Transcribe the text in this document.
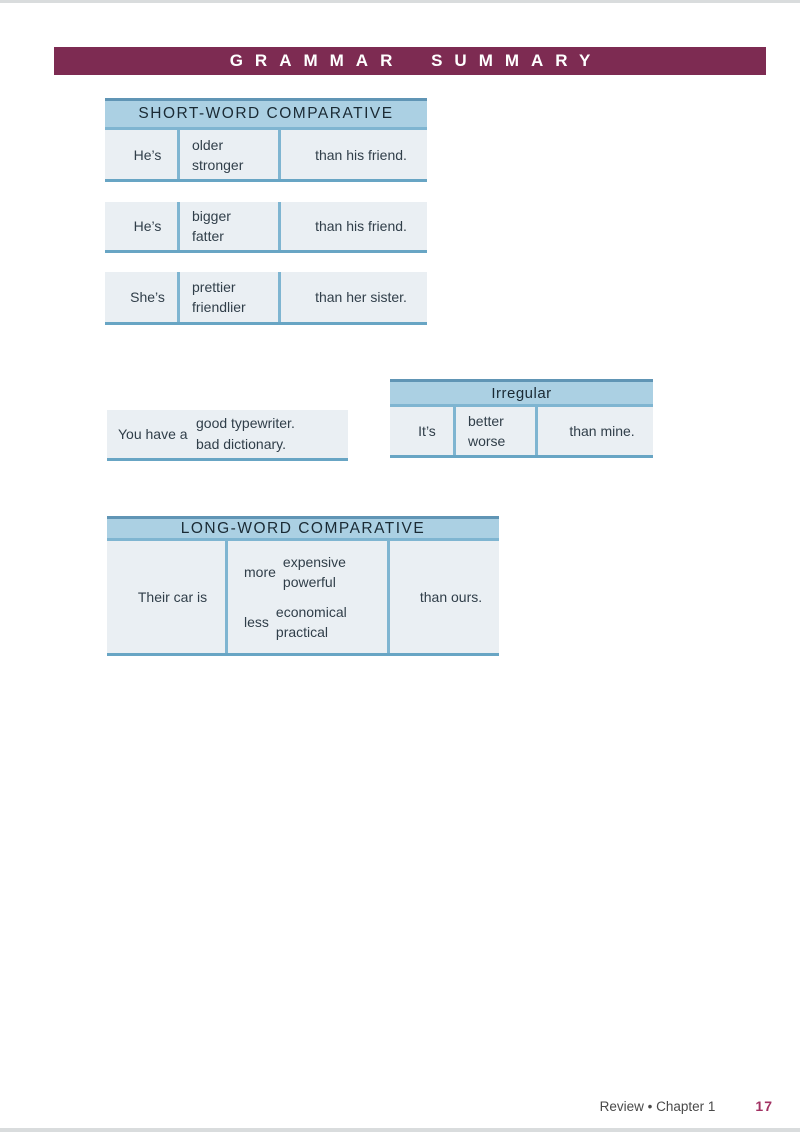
GRAMMAR SUMMARY
SHORT-WORD COMPARATIVE
He’s
older
stronger
than his friend.
He’s
bigger
fatter
than his friend.
She’s
prettier
friendlier
than her sister.
You have a
good typewriter.
bad dictionary.
Irregular
It’s
better
worse
than mine.
LONG-WORD COMPARATIVE
Their car is
more
expensive
powerful
less
economical
practical
than ours.
Review • Chapter 1	17
